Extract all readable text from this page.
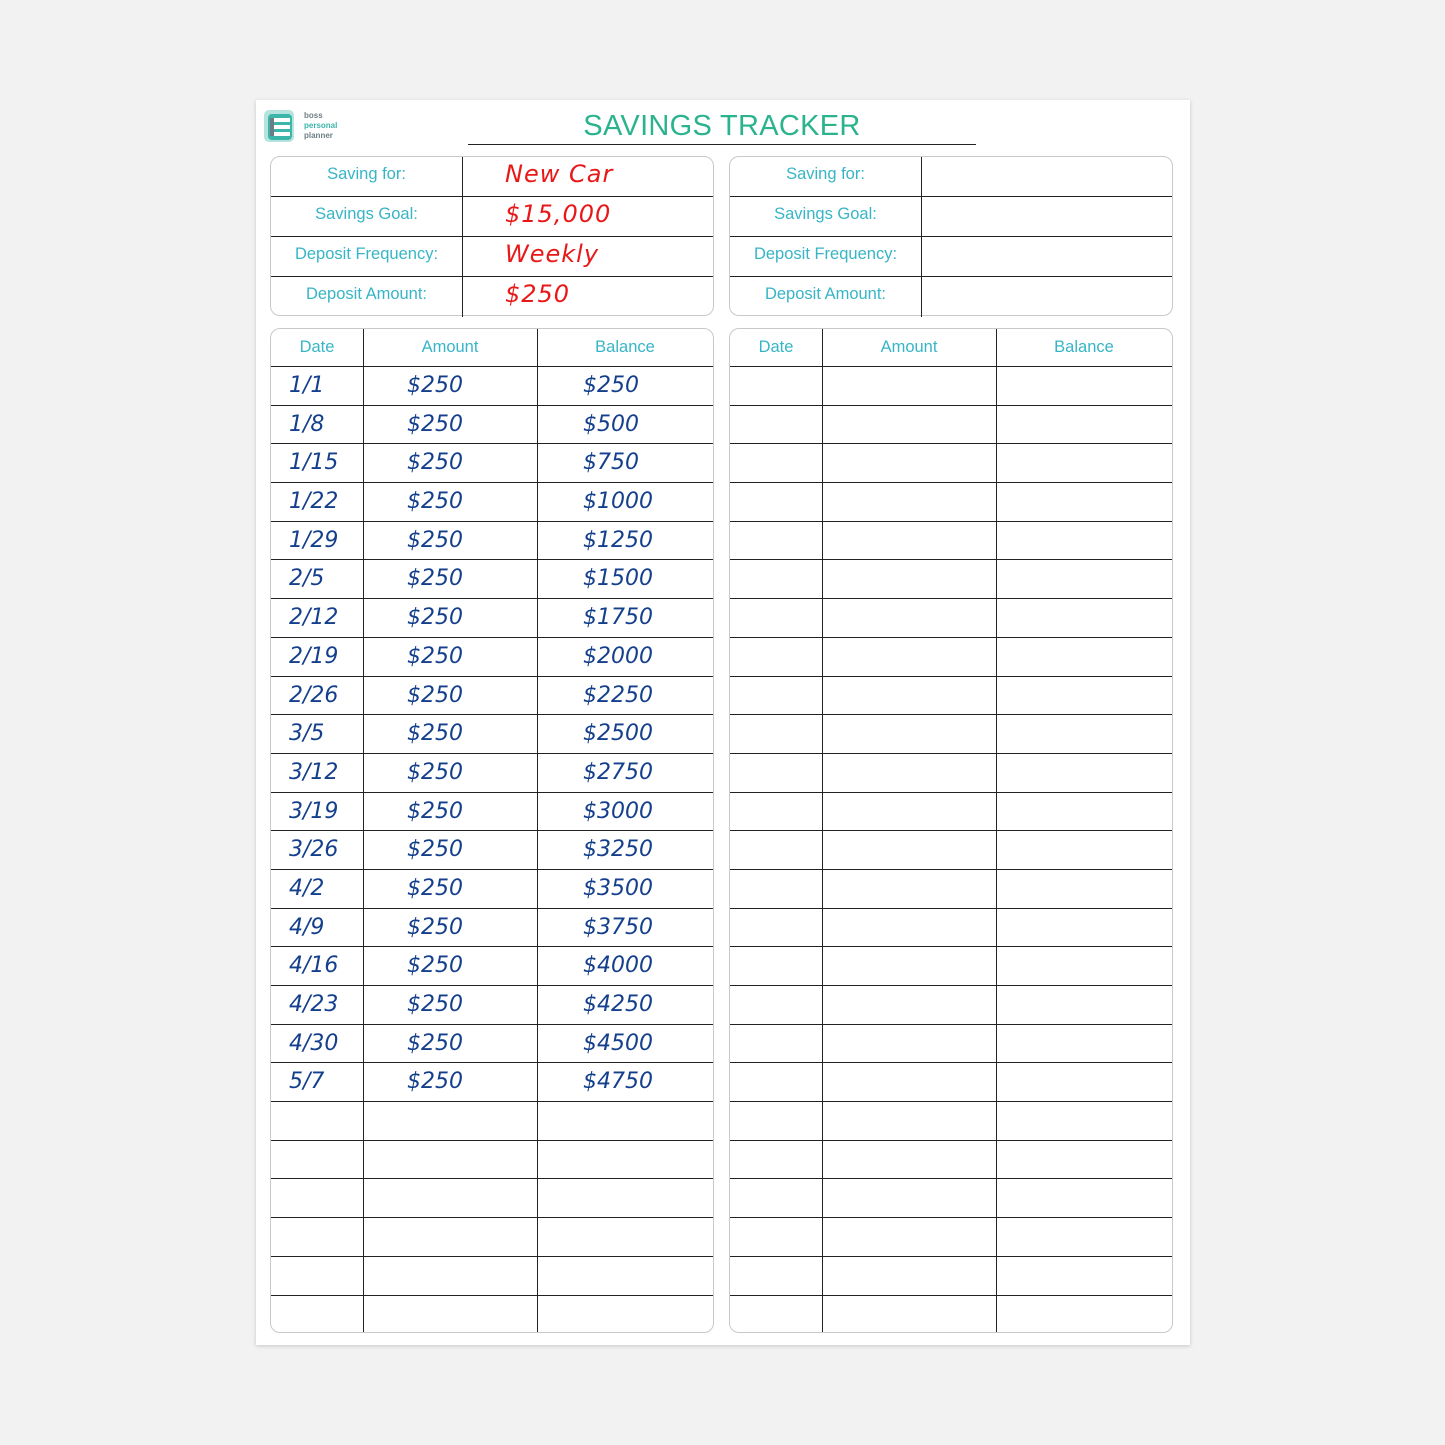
boss
personal
planner	SAVINGS TRACKER
Saving for:	New Car
Savings Goal:	$15,000
Deposit Frequency:	Weekly
Deposit Amount:	$250
Saving for:
Savings Goal:
Deposit Frequency:
Deposit Amount:
Date	Amount	Balance
1/1	$250	$250
1/8	$250	$500
1/15	$250	$750
1/22	$250	$1000
1/29	$250	$1250
2/5	$250	$1500
2/12	$250	$1750
2/19	$250	$2000
2/26	$250	$2250
3/5	$250	$2500
3/12	$250	$2750
3/19	$250	$3000
3/26	$250	$3250
4/2	$250	$3500
4/9	$250	$3750
4/16	$250	$4000
4/23	$250	$4250
4/30	$250	$4500
5/7	$250	$4750
Date	Amount	Balance
